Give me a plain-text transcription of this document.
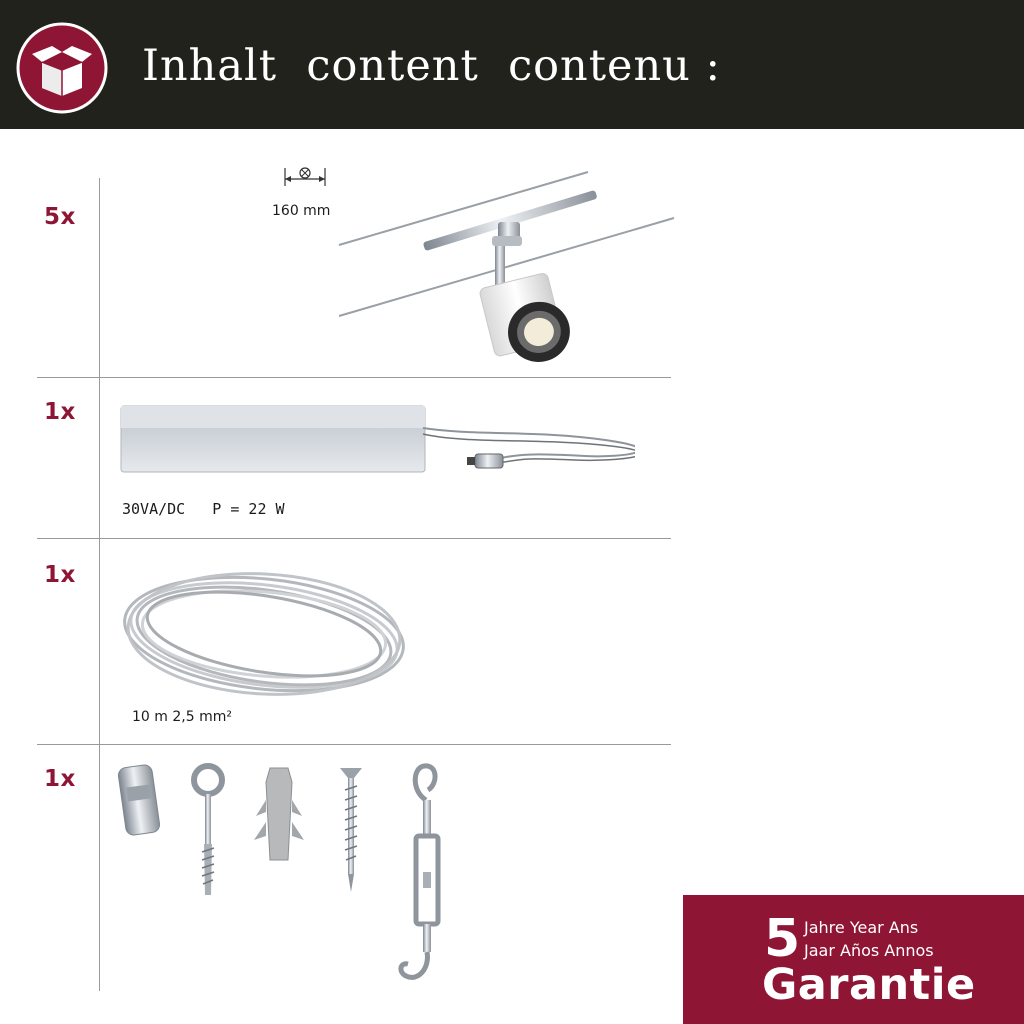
Inhalt  content  contenu :
5x	160 mm
1x
30VA/DC   P = 22 W
1x
10 m 2,5 mm²
1x
5 Jahre Year Ans
Jaar Años Annos
Garantie
